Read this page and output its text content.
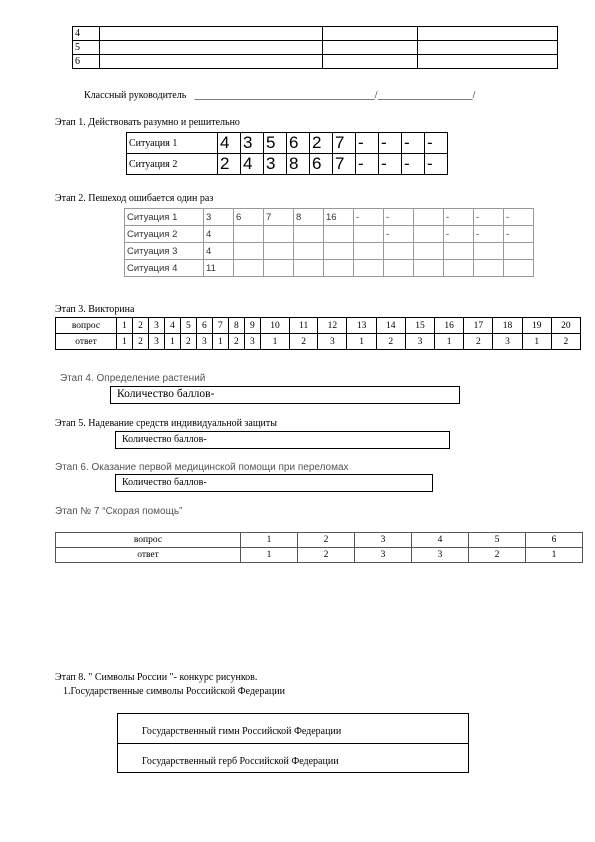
4			
5			
6			
Классный руководитель ____________________________________/___________________/
Этап 1. Действовать разумно и решительно
Ситуация 1	4	3	5	6	2	7	-	-	-	-
Ситуация 2	2	4	3	8	6	7	-	-	-	-
Этап 2. Пешеход ошибается один раз
Ситуация 1	3	6	7	8	16	-	-		-	-	-
Ситуация 2	4						-		-	-	-
Ситуация 3	4										
Ситуация 4	11										
Этап 3. Викторина
вопрос	1	2	3	4	5	6	7	8	9	10	11	12	13	14	15	16	17	18	19	20
ответ	1	2	3	1	2	3	1	2	3	1	2	3	1	2	3	1	2	3	1	2
Этап 4. Определение растений
Количество баллов-
Этап 5. Надевание средств индивидуальной защиты
Количество баллов-
Этап 6. Оказание первой медицинской помощи при переломах
Количество баллов-
Этап № 7 “Скорая помощь”
вопрос	1	2	3	4	5	6
ответ	1	2	3	3	2	1
Этап 8. " Символы России "- конкурс рисунков.
1.Государственные символы Российской Федерации
Государственный гимн Российской Федерации
Государственный герб Российской Федерации
